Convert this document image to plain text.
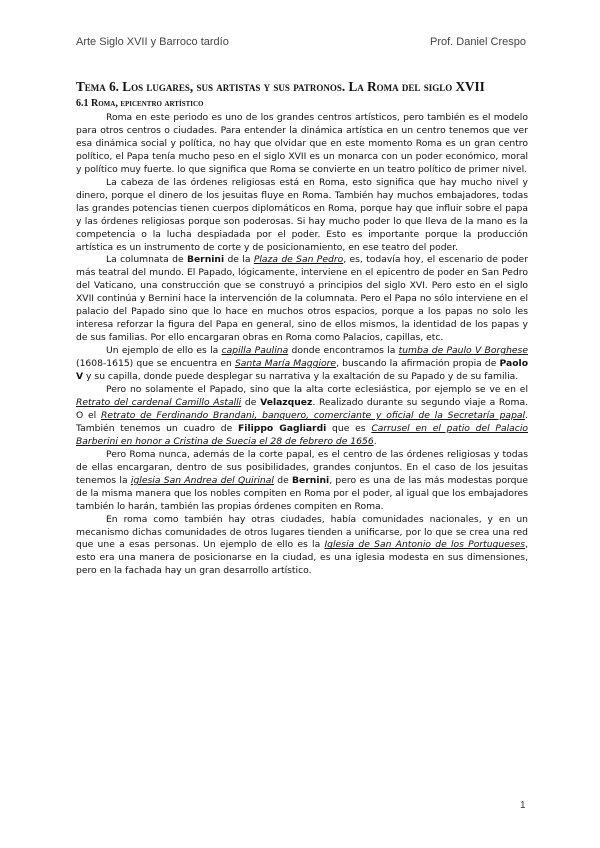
Arte Siglo XVII y Barroco tardío	Prof. Daniel Crespo
Tema 6. Los lugares, sus artistas y sus patronos. La Roma del siglo XVII
6.1 Roma, epicentro artístico

Roma en este periodo es uno de los grandes centros artísticos, pero también es el modelo para otros centros o ciudades. Para entender la dinámica artística en un centro tenemos que ver esa dinámica social y política, no hay que olvidar que en este momento Roma es un gran centro político, el Papa tenía mucho peso en el siglo XVII es un monarca con un poder económico, moral y político muy fuerte. lo que significa que Roma se convierte en un teatro político de primer nivel.

La cabeza de las órdenes religiosas está en Roma, esto significa que hay mucho nivel y dinero, porque el dinero de los jesuitas fluye en Roma. También hay muchos embajadores, todas las grandes potencias tienen cuerpos diplomáticos en Roma, porque hay que influir sobre el papa y las órdenes religiosas porque son poderosas. Si hay mucho poder lo que lleva de la mano es la competencia o la lucha despiadada por el poder. Esto es importante porque la producción artística es un instrumento de corte y de posicionamiento, en ese teatro del poder.

La columnata de Bernini de la Plaza de San Pedro, es, todavía hoy, el escenario de poder más teatral del mundo. El Papado, lógicamente, interviene en el epicentro de poder en San Pedro del Vaticano, una construcción que se construyó a principios del siglo XVI. Pero esto en el siglo XVII continúa y Bernini hace la intervención de la columnata. Pero el Papa no sólo interviene en el palacio del Papado sino que lo hace en muchos otros espacios, porque a los papas no solo les interesa reforzar la figura del Papa en general, sino de ellos mismos, la identidad de los papas y de sus familias. Por ello encargaran obras en Roma como Palacios, capillas, etc.

Un ejemplo de ello es la capilla Paulina donde encontramos la tumba de Paulo V Borghese (1608-1615) que se encuentra en Santa María Maggiore, buscando la afirmación propia de Paolo V y su capilla, donde puede desplegar su narrativa y la exaltación de su Papado y de su familia.

Pero no solamente el Papado, sino que la alta corte eclesiástica, por ejemplo se ve en el Retrato del cardenal Camillo Astalli de Velazquez. Realizado durante su segundo viaje a Roma. O el Retrato de Ferdinando Brandani, banquero, comerciante y oficial de la Secretaría papal. También tenemos un cuadro de Filippo Gagliardi que es Carrusel en el patio del Palacio Barberini en honor a Cristina de Suecia el 28 de febrero de 1656.

Pero Roma nunca, además de la corte papal, es el centro de las órdenes religiosas y todas de ellas encargaran, dentro de sus posibilidades, grandes conjuntos. En el caso de los jesuitas tenemos la iglesia San Andrea del Quirinal de Bernini, pero es una de las más modestas porque de la misma manera que los nobles compiten en Roma por el poder, al igual que los embajadores también lo harán, también las propias órdenes compiten en Roma.

En roma como también hay otras ciudades, había comunidades nacionales, y en un mecanismo dichas comunidades de otros lugares tienden a unificarse, por lo que se crea una red que une a esas personas. Un ejemplo de ello es la Iglesia de San Antonio de los Portugueses, esto era una manera de posicionarse en la ciudad, es una iglesia modesta en sus dimensiones, pero en la fachada hay un gran desarrollo artístico.

1
